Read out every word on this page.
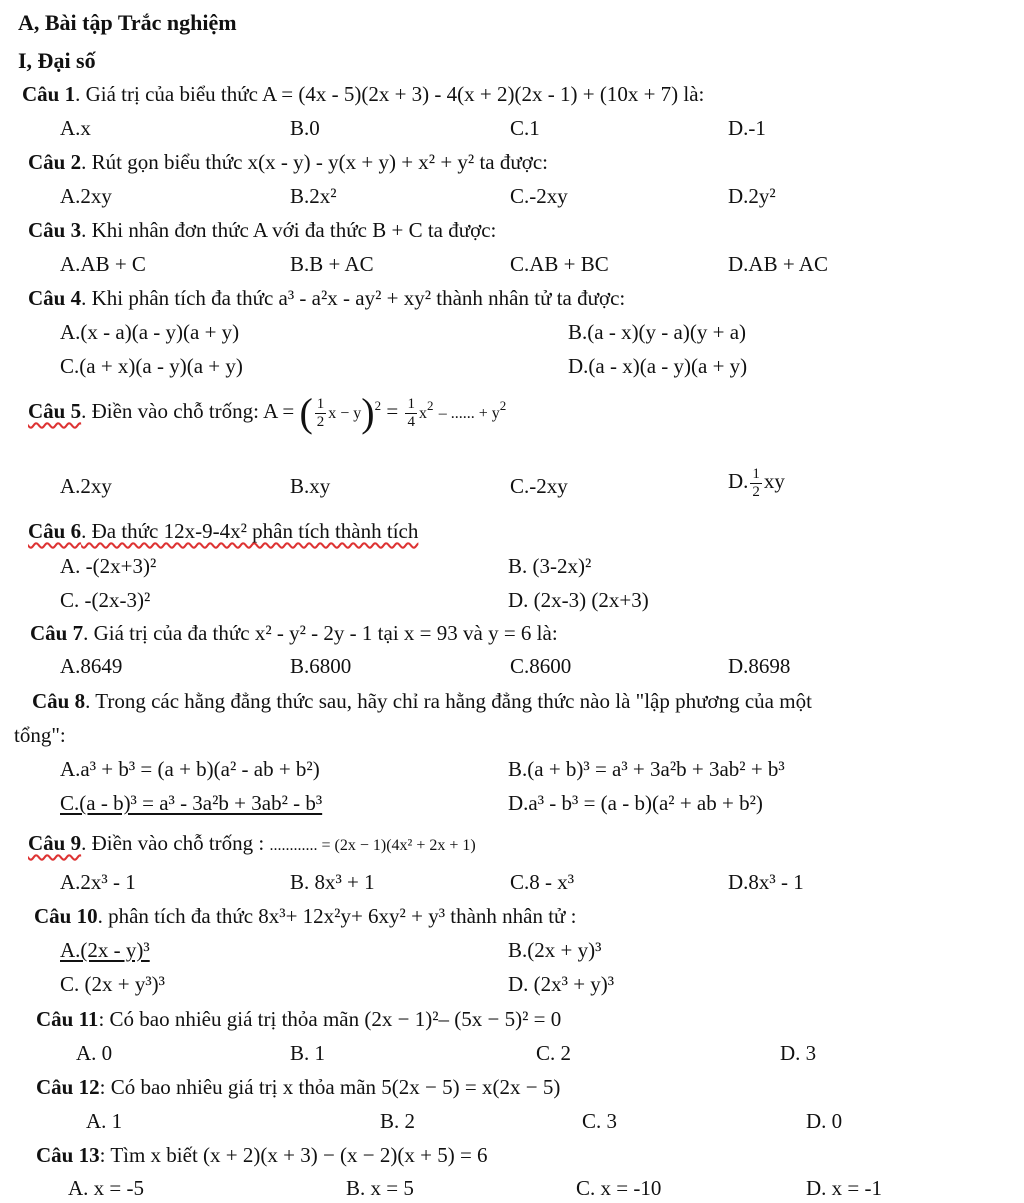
A, Bài tập Trắc nghiệm
I, Đại số
Câu 1. Giá trị của biểu thức A = (4x - 5)(2x + 3) - 4(x + 2)(2x - 1) + (10x + 7) là:
A.x	B.0	C.1	D.-1
Câu 2. Rút gọn biểu thức x(x - y) - y(x + y) + x² + y² ta được:
A.2xy	B.2x²	C.-2xy	D.2y²
Câu 3. Khi nhân đơn thức A với đa thức B + C ta được:
A.AB + C	B.B + AC	C.AB + BC	D.AB + AC
Câu 4. Khi phân tích đa thức a³ - a²x - ay² + xy² thành nhân tử ta được:
A.(x - a)(a - y)(a + y)	B.(a - x)(y - a)(y + a)
C.(a + x)(a - y)(a + y)	D.(a - x)(a - y)(a + y)
Câu 5. Điền vào chỗ trống: A = ( $\frac{1}{2}$ $x - y)^2 = \frac{1}{4} x^2$ – ...... + $y^2$
A.2xy	B.xy	C.-2xy	D. $\frac{1}{2}$ xy
Câu 6. Đa thức 12x-9-4x² phân tích thành tích
A. -(2x+3)²	B. (3-2x)²
C. -(2x-3)²	D. (2x-3) (2x+3)
Câu 7. Giá trị của đa thức x² - y² - 2y - 1 tại x = 93 và y = 6 là:
A.8649	B.6800	C.8600	D.8698
Câu 8. Trong các hằng đẳng thức sau, hãy chỉ ra hằng đẳng thức nào là "lập phương của một
tổng":
A.a³ + b³ = (a + b)(a² - ab + b²)	B.(a + b)³ = a³ + 3a²b + 3ab² + b³
C.(a - b)³ = a³ - 3a²b + 3ab² - b³	D.a³ - b³ = (a - b)(a² + ab + b²)
Câu 9. Điền vào chỗ trống : ............ = (2x − 1)(4x² + 2x + 1)
A.2x³ - 1	B. 8x³ + 1	C.8 - x³	D.8x³ - 1
Câu 10. phân tích đa thức 8x³+ 12x²y+ 6xy² + y³ thành nhân tử :
A.(2x - y)³	B.(2x + y)³
C. (2x + y³)³	D. (2x³ + y)³
Câu 11: Có bao nhiêu giá trị thỏa mãn (2x − 1)²– (5x − 5)² = 0
A. 0	B. 1	C. 2	D. 3
Câu 12: Có bao nhiêu giá trị x thỏa mãn 5(2x − 5) = x(2x − 5)
A. 1	B. 2	C. 3	D. 0
Câu 13: Tìm x biết (x + 2)(x + 3) − (x − 2)(x + 5) = 6
A. x = -5	B. x = 5	C. x = -10	D. x = -1
